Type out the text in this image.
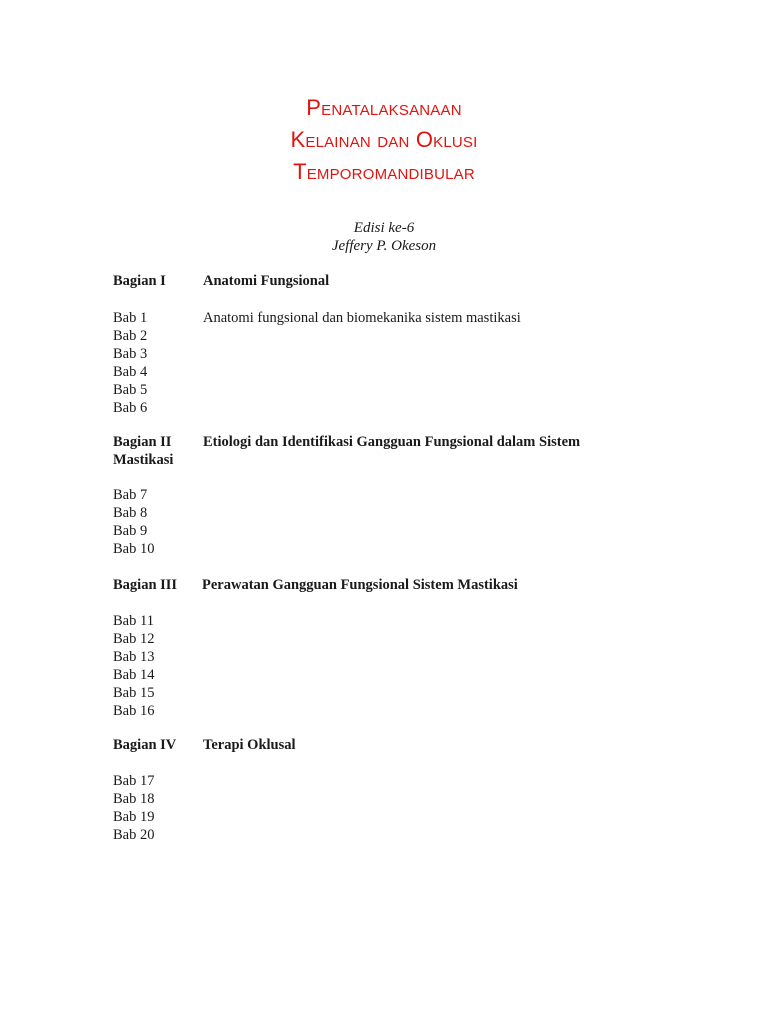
Penatalaksanaan
Kelainan dan Oklusi
Temporomandibular
Edisi ke-6
Jeffery P. Okeson
Bagian I	Anatomi Fungsional
Bab 1	Anatomi fungsional dan biomekanika sistem mastikasi
Bab 2
Bab 3
Bab 4
Bab 5
Bab 6
Bagian II Etiologi dan Identifikasi Gangguan Fungsional dalam Sistem
Mastikasi
Bab 7
Bab 8
Bab 9
Bab 10
Bagian III Perawatan Gangguan Fungsional Sistem Mastikasi
Bab 11
Bab 12
Bab 13
Bab 14
Bab 15
Bab 16
Bagian IV Terapi Oklusal
Bab 17
Bab 18
Bab 19
Bab 20
